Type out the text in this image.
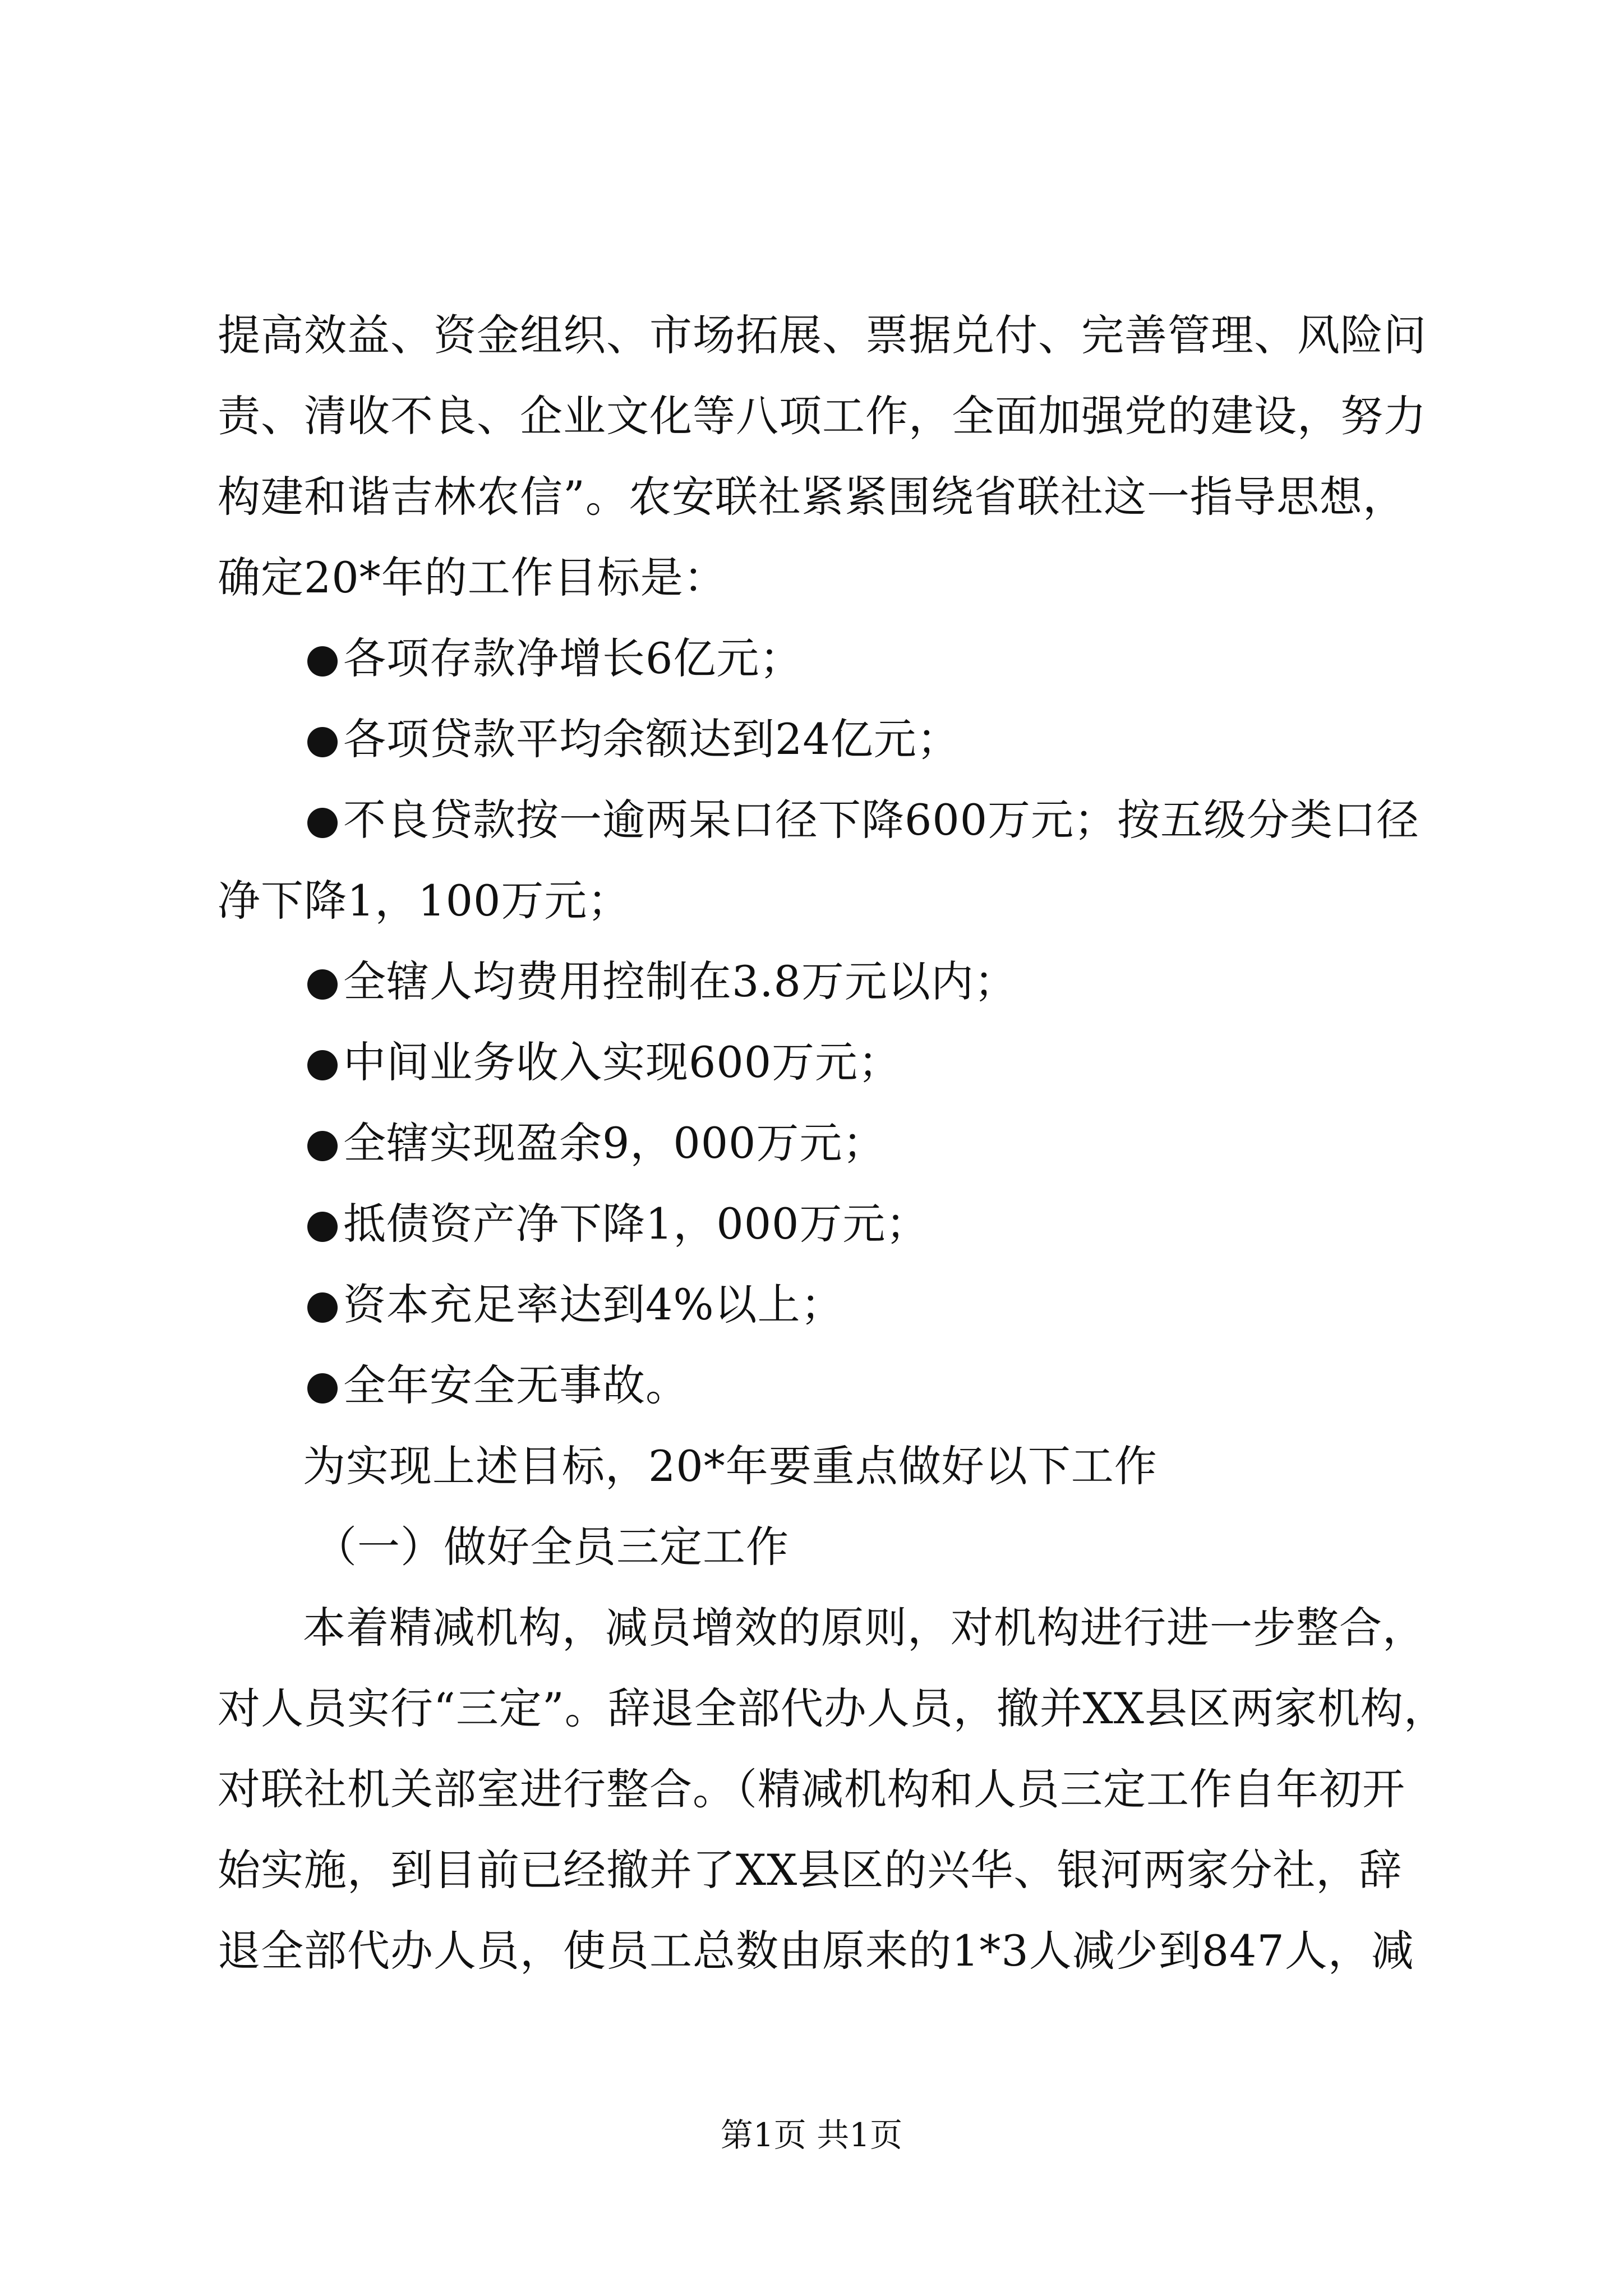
提高效益、资金组织、市场拓展、票据兑付、完善管理、风险问
责、清收不良、企业文化等八项工作，全面加强党的建设，努力
构建和谐吉林农信”。农安联社紧紧围绕省联社这一指导思想，
确定20*年的工作目标是：
各项存款净增长6亿元；
各项贷款平均余额达到24亿元；
不良贷款按一逾两呆口径下降600万元；按五级分类口径
净下降1，100万元；
全辖人均费用控制在3.8万元以内；
中间业务收入实现600万元；
全辖实现盈余9，000万元；
抵债资产净下降1，000万元；
资本充足率达到4%以上；
全年安全无事故。
为实现上述目标，20*年要重点做好以下工作
（一）做好全员三定工作
本着精减机构，减员增效的原则，对机构进行进一步整合，
对人员实行“三定”。辞退全部代办人员，撤并XX县区两家机构，
对联社机关部室进行整合。（精减机构和人员三定工作自年初开
始实施，到目前已经撤并了XX县区的兴华、银河两家分社，辞
退全部代办人员，使员工总数由原来的1*3人减少到847人，减
第1页 共1页
